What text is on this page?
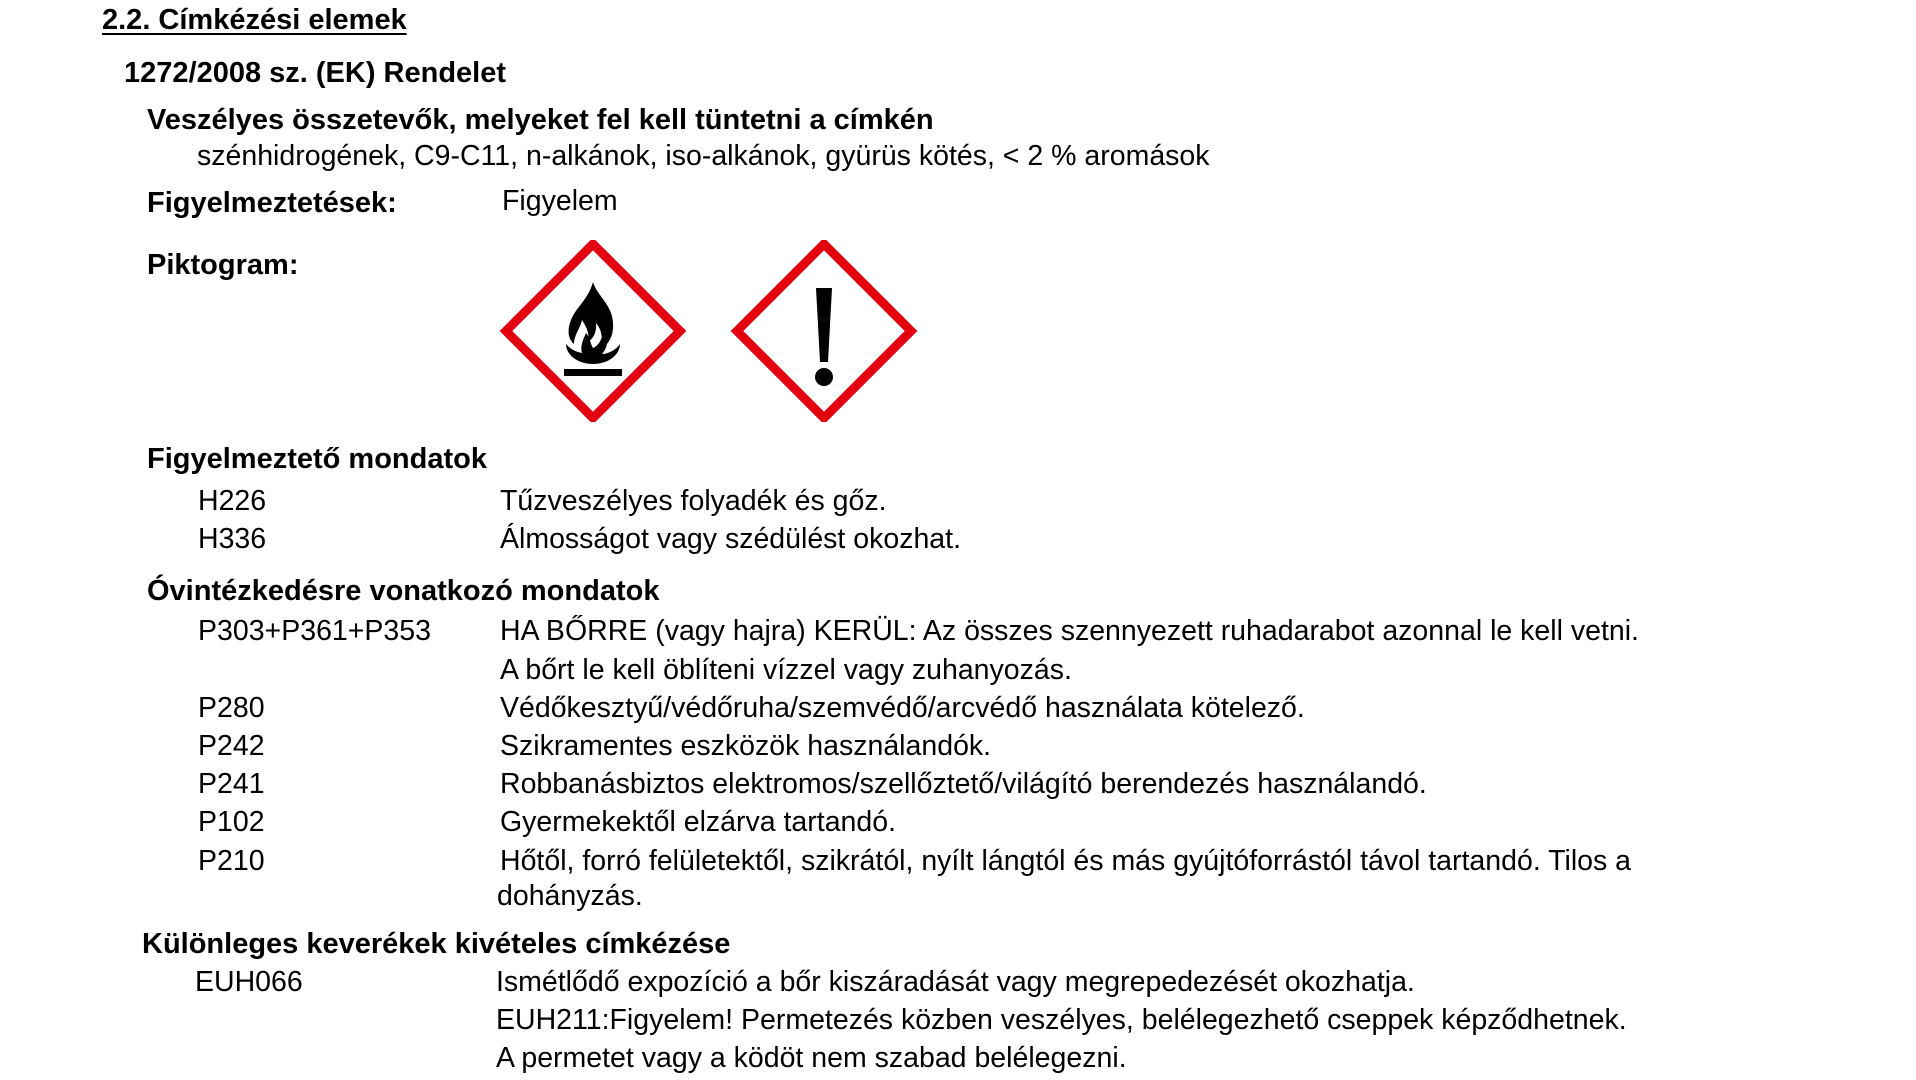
2.2. Címkézési elemek
1272/2008 sz. (EK) Rendelet
Veszélyes összetevők, melyeket fel kell tüntetni a címkén
szénhidrogének, C9-C11, n-alkánok, iso-alkánok, gyürüs kötés, < 2 % aromások
Figyelmeztetések:	Figyelem
Piktogram:
Figyelmeztető mondatok
H226	Tűzveszélyes folyadék és gőz.
H336	Álmosságot vagy szédülést okozhat.
Óvintézkedésre vonatkozó mondatok
P303+P361+P353 HA BŐRRE (vagy hajra) KERÜL: Az összes szennyezett ruhadarabot azonnal le kell vetni.
A bőrt le kell öblíteni vízzel vagy zuhanyozás.
P280	Védőkesztyű/védőruha/szemvédő/arcvédő használata kötelező.
P242	Szikramentes eszközök használandók.
P241	Robbanásbiztos elektromos/szellőztető/világító berendezés használandó.
P102	Gyermekektől elzárva tartandó.
P210	Hőtől, forró felületektől, szikrától, nyílt lángtól és más gyújtóforrástól távol tartandó. Tilos a
dohányzás.
Különleges keverékek kivételes címkézése
EUH066	Ismétlődő expozíció a bőr kiszáradását vagy megrepedezését okozhatja.
EUH211:Figyelem! Permetezés közben veszélyes, belélegezhető cseppek képződhetnek.
A permetet vagy a ködöt nem szabad belélegezni.
